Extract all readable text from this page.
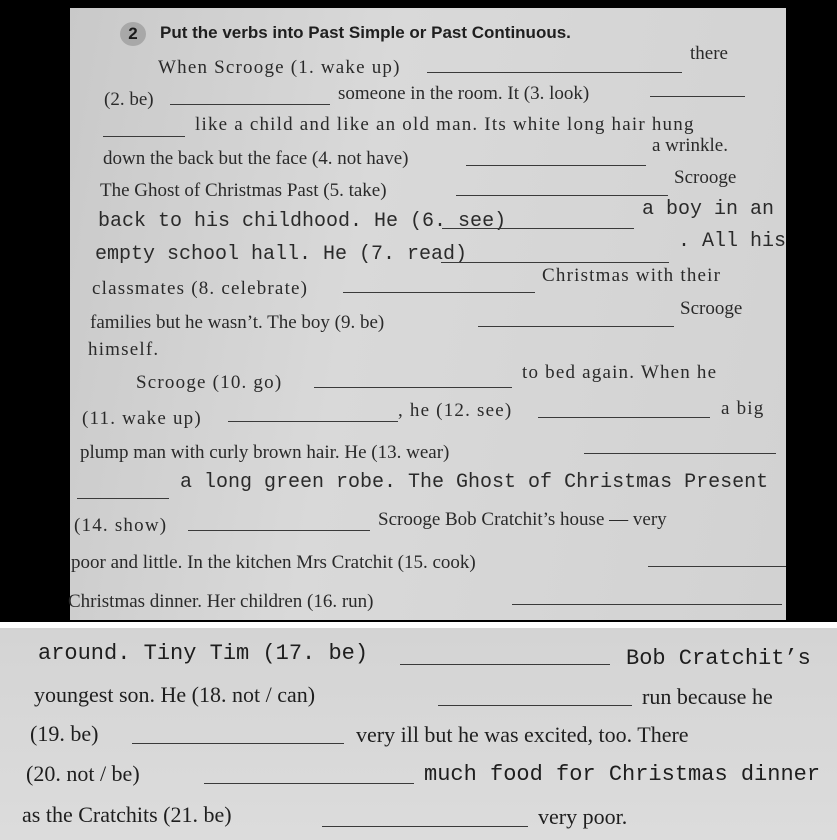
2	Put the verbs into Past Simple or Past Continuous.
When Scrooge (1. wake up)
there
(2. be)	someone in the room. It (3. look)
like a child and like an old man. Its white long hair hung
down the back but the face (4. not have)
a wrinkle.
The Ghost of Christmas Past (5. take)
Scrooge
back to his childhood. He (6. see)
a boy in an
empty school hall. He (7. read)
. All his
classmates (8. celebrate)
Christmas with their
families but he wasn’t. The boy (9. be)
Scrooge
himself.
Scrooge (10. go)	to bed again. When he
(11. wake up)	, he (12. see)	a big
plump man with curly brown hair. He (13. wear)
a long green robe. The Ghost of Christmas Present
(14. show)	Scrooge Bob Cratchit’s house — very
poor and little. In the kitchen Mrs Cratchit (15. cook)
Christmas dinner. Her children (16. run)
around. Tiny Tim (17. be)	Bob Cratchit’s
youngest son. He (18. not / can)	run because he
(19. be)	very ill but he was excited, too. There
(20. not / be)	much food for Christmas dinner
as the Cratchits (21. be)	very poor.
